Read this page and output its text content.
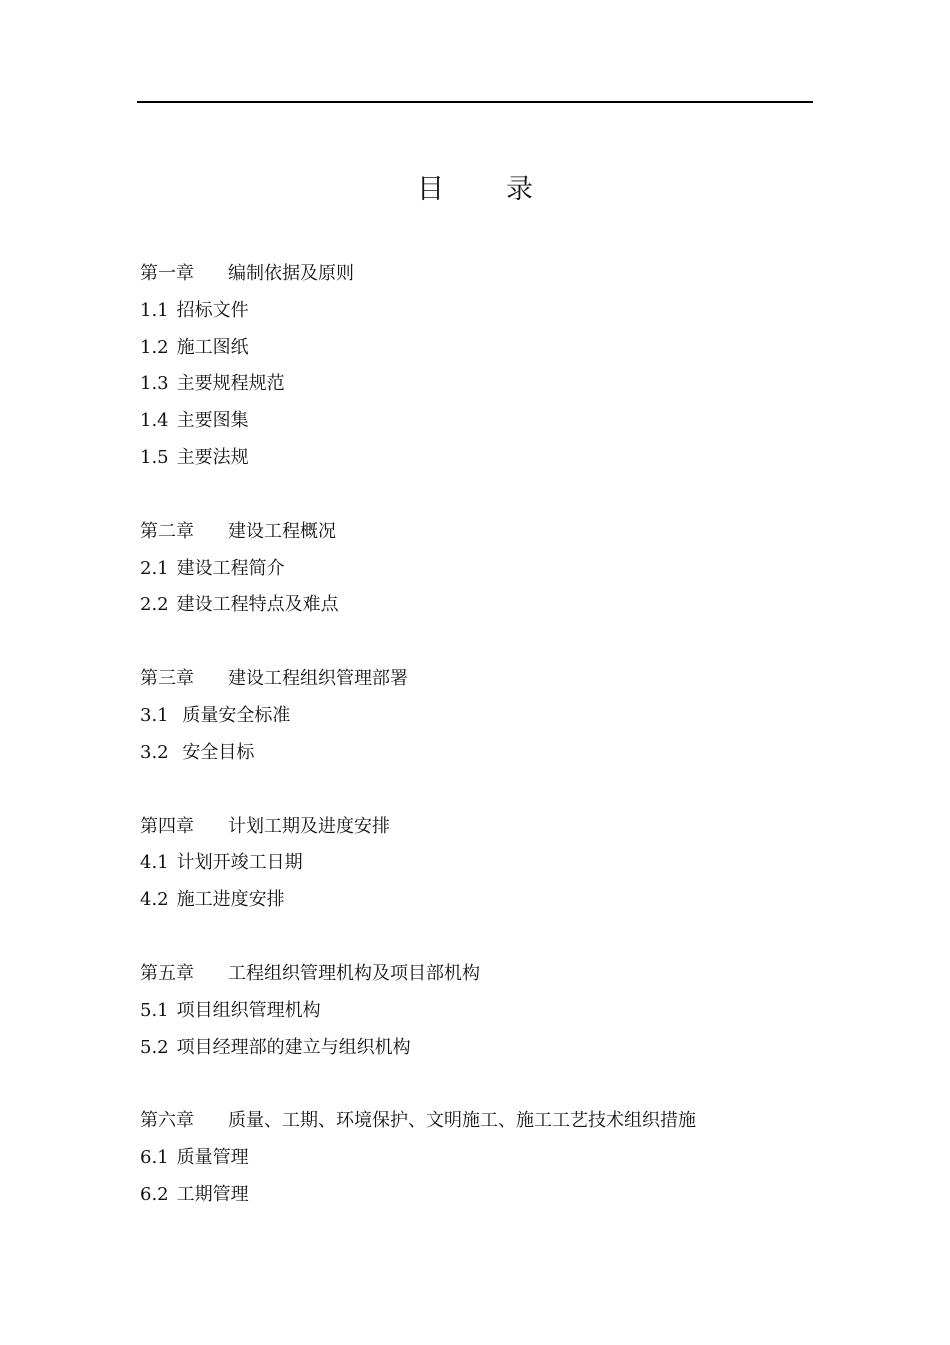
目 录
第一章 编制依据及原则
1.1 招标文件
1.2 施工图纸
1.3 主要规程规范
1.4 主要图集
1.5 主要法规
第二章 建设工程概况
2.1 建设工程简介
2.2 建设工程特点及难点
第三章 建设工程组织管理部署
3.1 质量安全标准
3.2 安全目标
第四章 计划工期及进度安排
4.1 计划开竣工日期
4.2 施工进度安排
第五章 工程组织管理机构及项目部机构
5.1 项目组织管理机构
5.2 项目经理部的建立与组织机构
第六章 质量、工期、环境保护、文明施工、施工工艺技术组织措施
6.1 质量管理
6.2 工期管理
